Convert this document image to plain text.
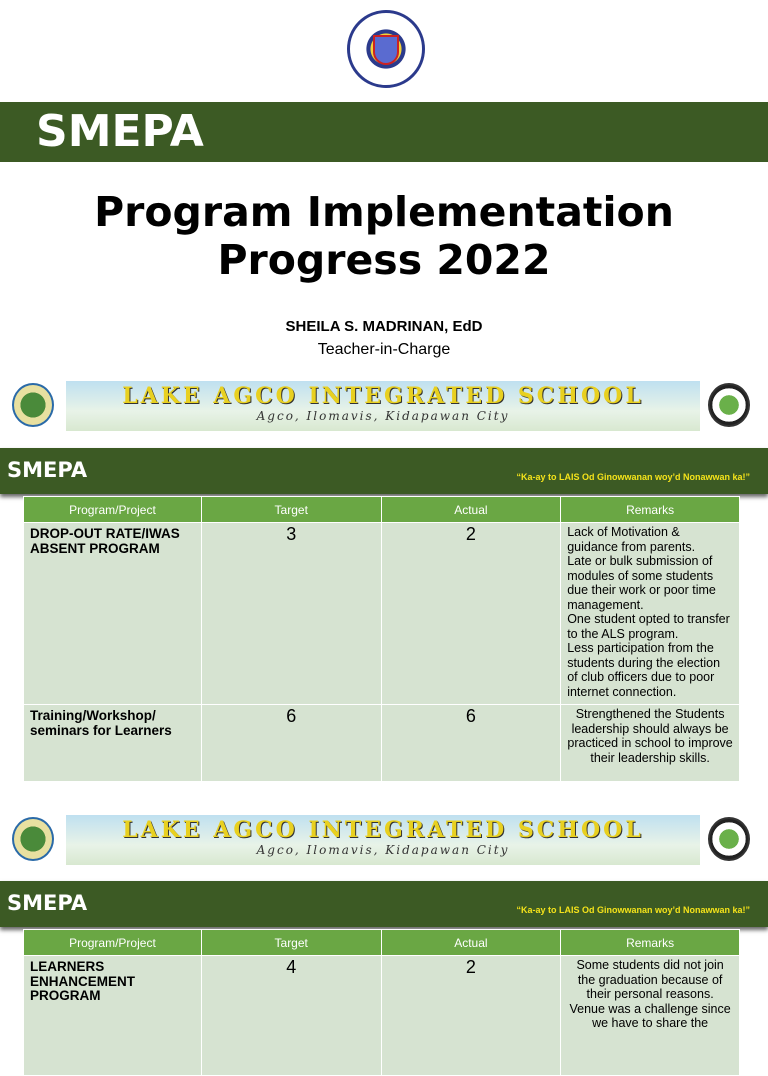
SMEPA
Program Implementation
Progress 2022
SHEILA S. MADRINAN, EdD
Teacher-in-Charge
LAKE AGCO INTEGRATED SCHOOL
Agco, Ilomavis, Kidapawan City
SMEPA	“Ka-ay to LAIS Od Ginowwanan woy’d Nonawwan ka!”
Program/Project	Target	Actual	Remarks
DROP-OUT RATE/IWAS ABSENT PROGRAM	3	2	Lack of Motivation & guidance from parents.
Late or bulk submission of modules of some students due their work or poor time management.
One student opted to transfer to the ALS program.
Less participation from the students during the election of club officers due to poor internet connection.

Training/Workshop/ seminars for Learners	6	6	Strengthened the Students leadership should always be practiced in school to improve their leadership skills.
LAKE AGCO INTEGRATED SCHOOL
Agco, Ilomavis, Kidapawan City
SMEPA	“Ka-ay to LAIS Od Ginowwanan woy’d Nonawwan ka!”
Program/Project	Target	Actual	Remarks
LEARNERS ENHANCEMENT PROGRAM	4	2	Some students did not join the graduation because of their personal reasons.
Venue was a challenge since we have to share the
